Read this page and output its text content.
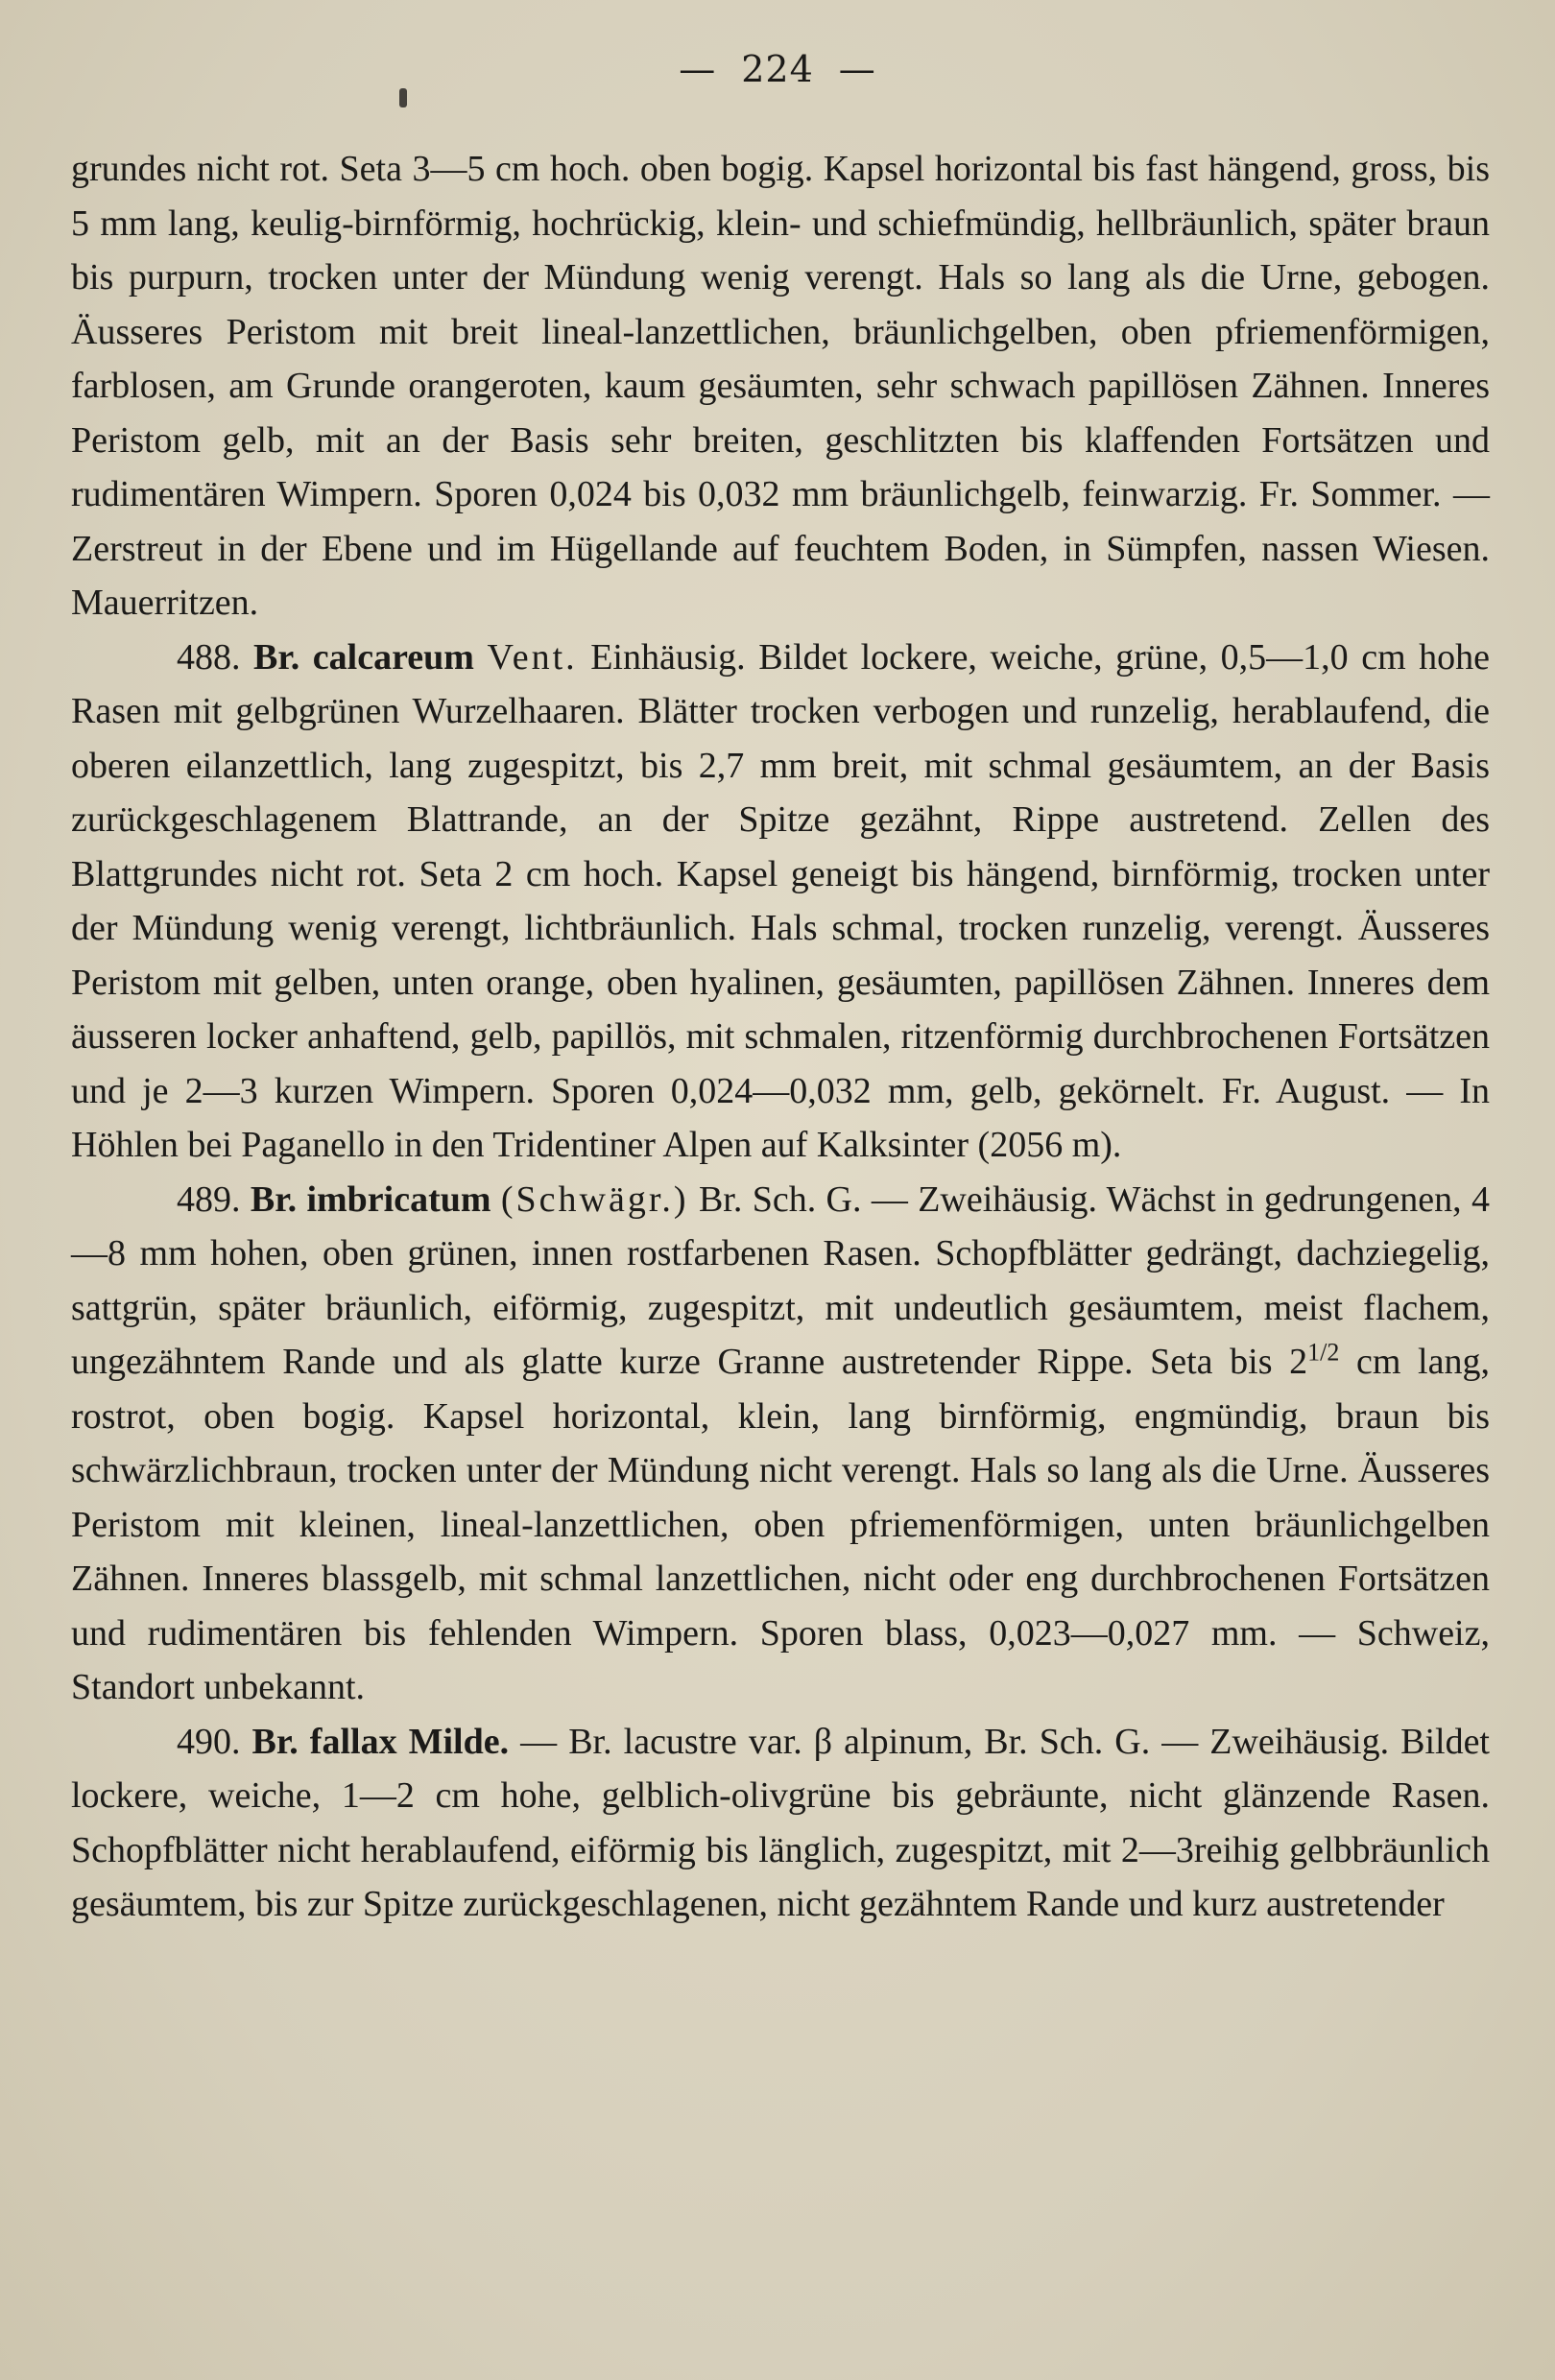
— 224 —

grundes nicht rot. Seta 3—5 cm hoch. oben bogig. Kapsel horizontal bis fast hängend, gross, bis 5 mm lang, keulig-birnförmig, hochrückig, klein- und schiefmündig, hellbräunlich, später braun bis purpurn, trocken unter der Mündung wenig verengt. Hals so lang als die Urne, gebogen. Äusseres Peristom mit breit lineal-lanzettlichen, bräunlichgelben, oben pfriemenförmigen, farblosen, am Grunde orangeroten, kaum gesäumten, sehr schwach papillösen Zähnen. Inneres Peristom gelb, mit an der Basis sehr breiten, geschlitzten bis klaffenden Fortsätzen und rudimentären Wimpern. Sporen 0,024 bis 0,032 mm bräunlichgelb, feinwarzig. Fr. Sommer. — Zerstreut in der Ebene und im Hügellande auf feuchtem Boden, in Sümpfen, nassen Wiesen. Mauerritzen.

488. Br. calcareum Vent. Einhäusig. Bildet lockere, weiche, grüne, 0,5—1,0 cm hohe Rasen mit gelbgrünen Wurzelhaaren. Blätter trocken verbogen und runzelig, herablaufend, die oberen eilanzettlich, lang zugespitzt, bis 2,7 mm breit, mit schmal gesäumtem, an der Basis zurückgeschlagenem Blattrande, an der Spitze gezähnt, Rippe austretend. Zellen des Blattgrundes nicht rot. Seta 2 cm hoch. Kapsel geneigt bis hängend, birnförmig, trocken unter der Mündung wenig verengt, lichtbräunlich. Hals schmal, trocken runzelig, verengt. Äusseres Peristom mit gelben, unten orange, oben hyalinen, gesäumten, papillösen Zähnen. Inneres dem äusseren locker anhaftend, gelb, papillös, mit schmalen, ritzenförmig durchbrochenen Fortsätzen und je 2—3 kurzen Wimpern. Sporen 0,024—0,032 mm, gelb, gekörnelt. Fr. August. — In Höhlen bei Paganello in den Tridentiner Alpen auf Kalksinter (2056 m).

489. Br. imbricatum (Schwägr.) Br. Sch. G. — Zweihäusig. Wächst in gedrungenen, 4—8 mm hohen, oben grünen, innen rostfarbenen Rasen. Schopfblätter gedrängt, dachziegelig, sattgrün, später bräunlich, eiförmig, zugespitzt, mit undeutlich gesäumtem, meist flachem, ungezähntem Rande und als glatte kurze Granne austretender Rippe. Seta bis $2^{1/2}$ cm lang, rostrot, oben bogig. Kapsel horizontal, klein, lang birnförmig, engmündig, braun bis schwärzlichbraun, trocken unter der Mündung nicht verengt. Hals so lang als die Urne. Äusseres Peristom mit kleinen, lineal-lanzettlichen, oben pfriemenförmigen, unten bräunlichgelben Zähnen. Inneres blassgelb, mit schmal lanzettlichen, nicht oder eng durchbrochenen Fortsätzen und rudimentären bis fehlenden Wimpern. Sporen blass, 0,023—0,027 mm. — Schweiz, Standort unbekannt.

490. Br. fallax Milde. — Br. lacustre var. β alpinum, Br. Sch. G. — Zweihäusig. Bildet lockere, weiche, 1—2 cm hohe, gelblich-olivgrüne bis gebräunte, nicht glänzende Rasen. Schopfblätter nicht herablaufend, eiförmig bis länglich, zugespitzt, mit 2—3reihig gelbbräunlich gesäumtem, bis zur Spitze zurückgeschlagenen, nicht gezähntem Rande und kurz austretender
